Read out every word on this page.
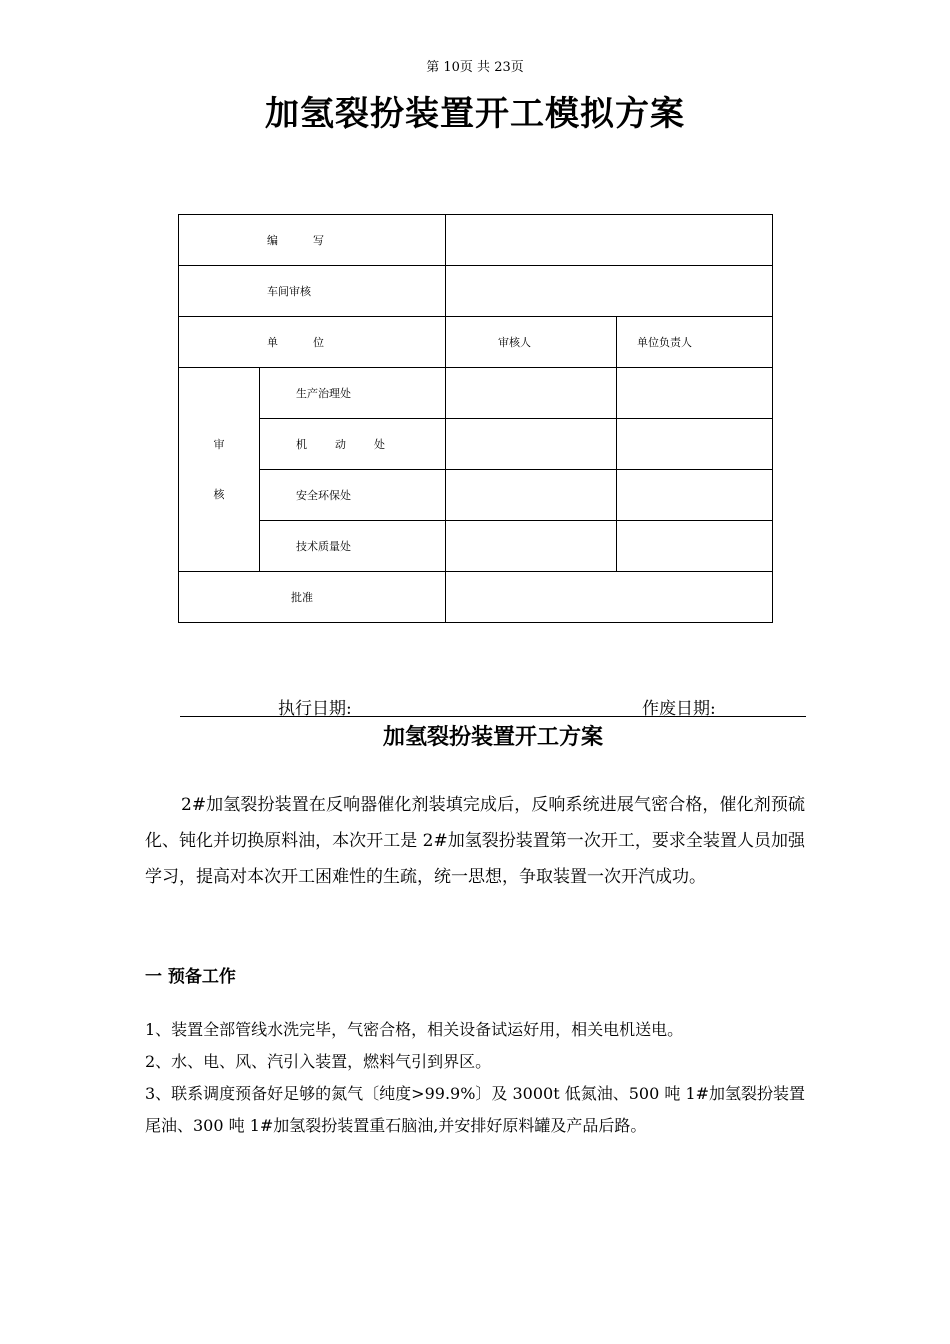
第 10页 共 23页
加氢裂扮装置开工模拟方案
编          写			
车间审核			
单          位		审核人	单位负责人

审
核	生产治理处		
	机        动        处		
	安全环保处		
	技术质量处		
批准			
执行日期:	作废日期:
加氢裂扮装置开工方案
2#加氢裂扮装置在反响器催化剂装填完成后，反响系统进展气密合格，催化剂预硫化、钝化并切换原料油，本次开工是 2#加氢裂扮装置第一次开工，要求全装置人员加强学习，提高对本次开工困难性的生疏，统一思想，争取装置一次开汽成功。
一 预备工作
1、装置全部管线水洗完毕，气密合格，相关设备试运好用，相关电机送电。
2、水、电、风、汽引入装置，燃料气引到界区。
3、联系调度预备好足够的氮气〔纯度>99.9%〕及 3000t 低氮油、500 吨 1#加氢裂扮装置尾油、300 吨 1#加氢裂扮装置重石脑油,并安排好原料罐及产品后路。
